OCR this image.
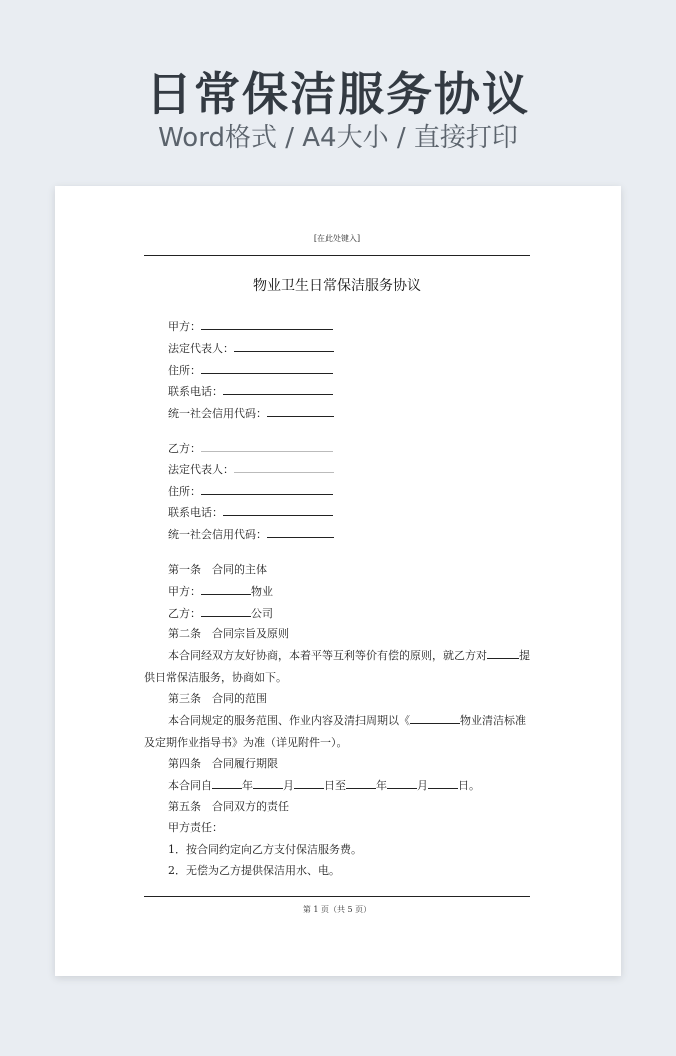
日常保洁服务协议
Word格式 / A4大小 / 直接打印
[在此处键入]
物业卫生日常保洁服务协议
甲方：
法定代表人：
住所：
联系电话：
统一社会信用代码：
乙方：
法定代表人：
住所：
联系电话：
统一社会信用代码：
第一条　合同的主体
甲方：	物业
乙方：	公司
第二条　合同宗旨及原则
本合同经双方友好协商，本着平等互利等价有偿的原则，就乙方对	提供日常保洁服务，协商如下。
第三条　合同的范围
本合同规定的服务范围、作业内容及清扫周期以《	物业清洁标准及定期作业指导书》为准（详见附件一）。
第四条　合同履行期限
本合同自	年	月	日至	年	月	日。
第五条　合同双方的责任
甲方责任：
1．按合同约定向乙方支付保洁服务费。
2．无偿为乙方提供保洁用水、电。
第 1 页（共 5 页）
